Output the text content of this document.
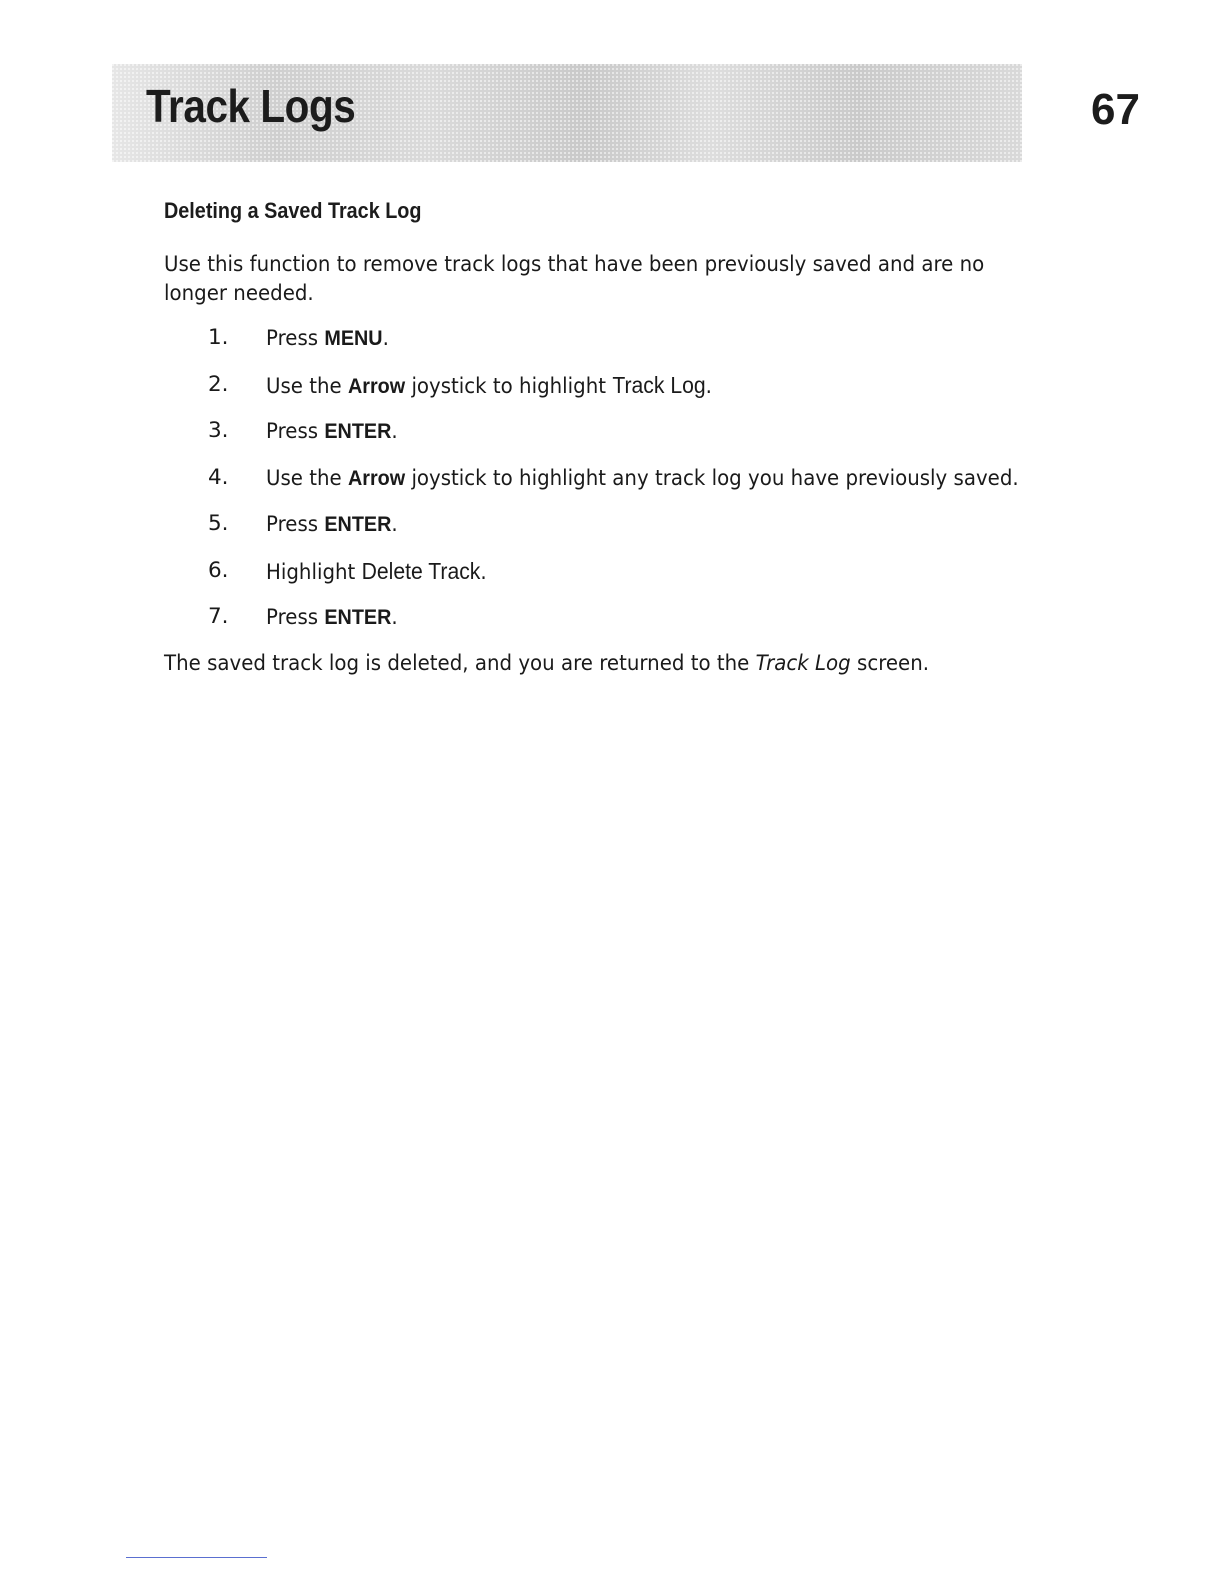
Track Logs	67
Deleting a Saved Track Log
Use this function to remove track logs that have been previously saved and are no longer needed.
1. Press MENU.
2. Use the Arrow joystick to highlight Track Log.
3. Press ENTER.
4. Use the Arrow joystick to highlight any track log you have previously saved.
5. Press ENTER.
6. Highlight Delete Track.
7. Press ENTER.
The saved track log is deleted, and you are returned to the Track Log screen.
